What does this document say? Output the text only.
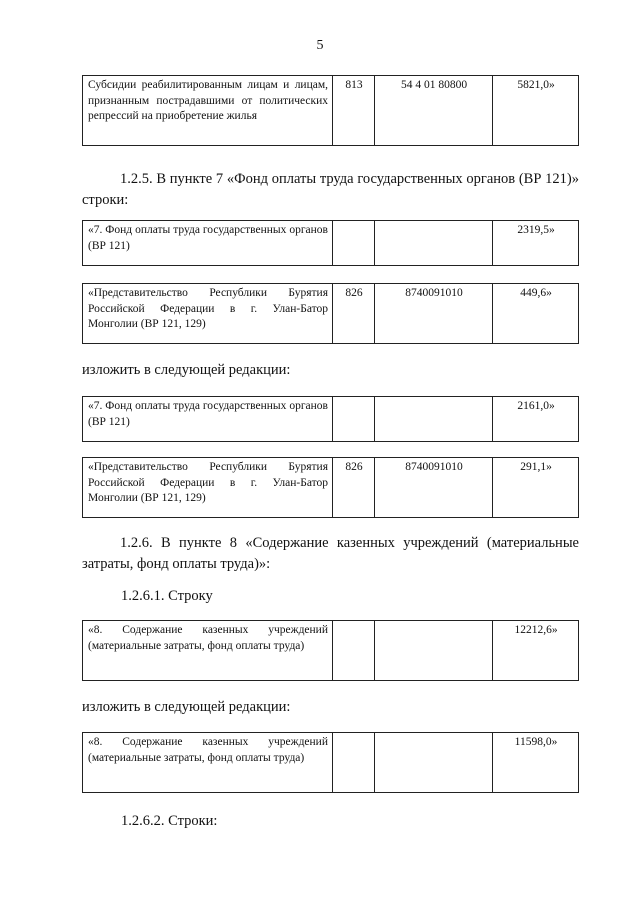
5
Субсидии реабилитированным лицам и лицам, признанным пострадавшими от политических репрессий на приобретение жилья	813	54 4 01 80800	5821,0»
1.2.5. В пункте 7 «Фонд оплаты труда государственных органов (ВР 121)» строки:
«7. Фонд оплаты труда государственных органов (ВР 121)			2319,5»
«Представительство Республики Бурятия Российской Федерации в г. Улан-Батор Монголии (ВР 121, 129)	826	8740091010	449,6»
изложить в следующей редакции:
«7. Фонд оплаты труда государственных органов (ВР 121)			2161,0»
«Представительство Республики Бурятия Российской Федерации в г. Улан-Батор Монголии (ВР 121, 129)	826	8740091010	291,1»
1.2.6. В пункте 8 «Содержание казенных учреждений (материальные затраты, фонд оплаты труда)»:
1.2.6.1. Строку
«8. Содержание казенных учреждений (материальные затраты, фонд оплаты труда)			12212,6»
изложить в следующей редакции:
«8. Содержание казенных учреждений (материальные затраты, фонд оплаты труда)			11598,0»
1.2.6.2. Строки:
